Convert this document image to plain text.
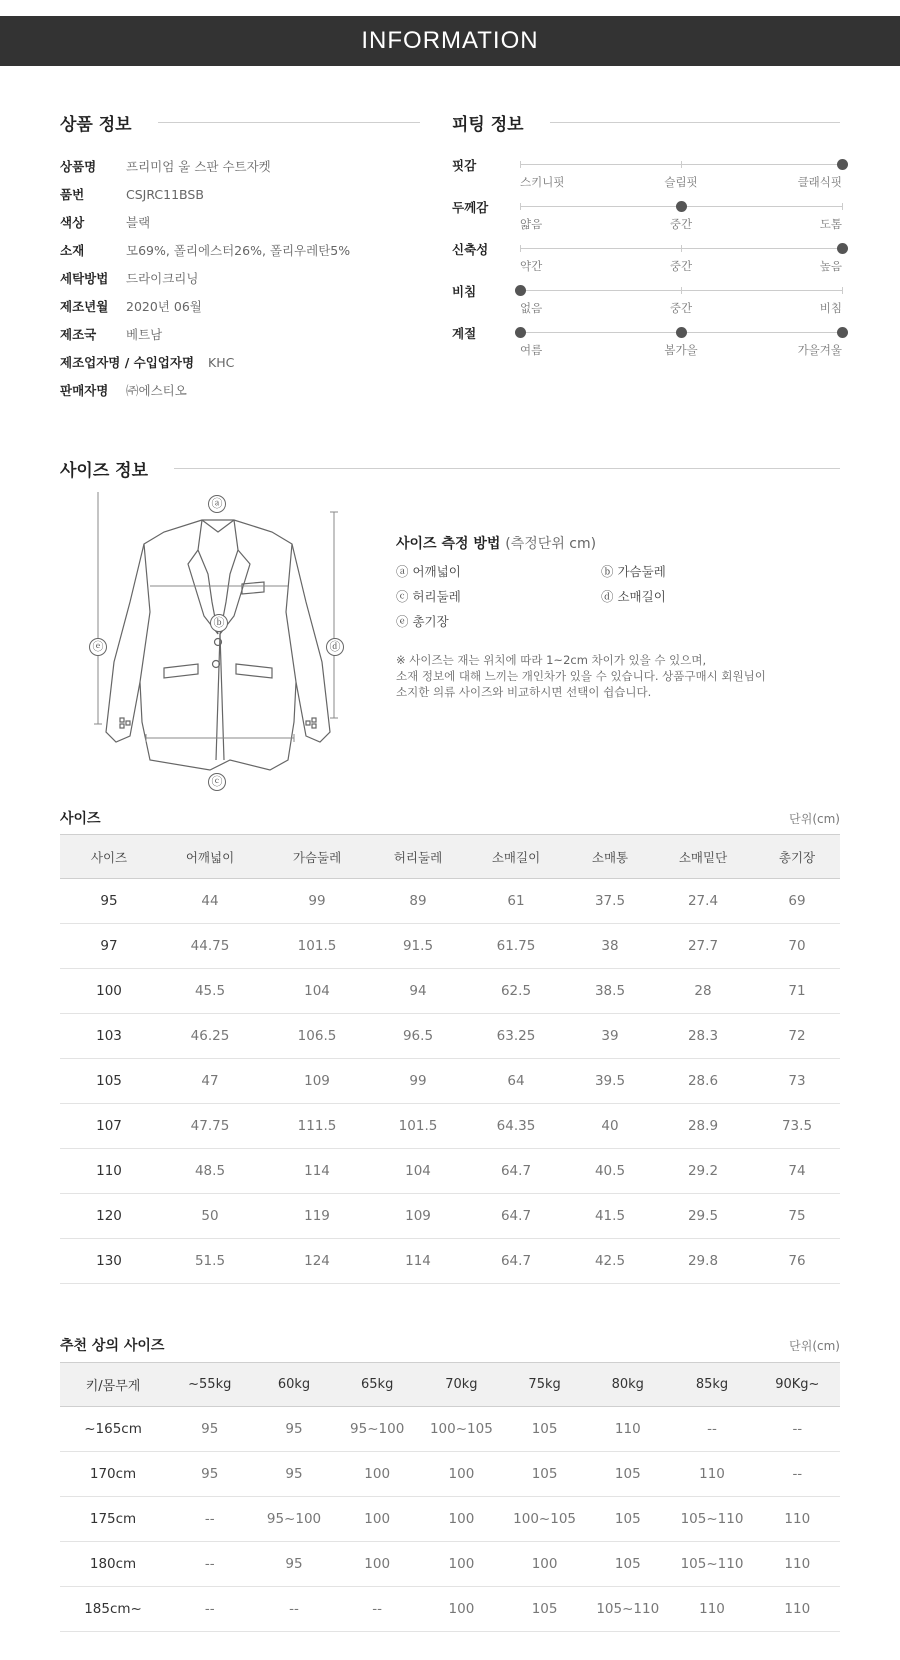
INFORMATION
상품 정보
상품명	프리미엄 울 스판 수트자켓
품번	CSJRC11BSB
색상	블랙
소재	모69%, 폴리에스터26%, 폴리우레탄5%
세탁방법	드라이크리닝
제조년월	2020년 06월
제조국	베트남
제조업자명 / 수입업자명 KHC
판매자명	㈜에스티오
피팅 정보
핏감
스키니핏	슬림핏	클래식핏
두께감
얇음	중간	도톰
신축성
약간	중간	높음
비침
없음	중간	비침
계절
여름	봄가을	가을겨울
사이즈 정보
ⓐ
ⓑ
ⓒ
ⓓ
ⓔ
사이즈 측정 방법 (측정단위 cm)
ⓐ 어깨넓이	ⓑ 가슴둘레
ⓒ 허리둘레	ⓓ 소매길이
ⓔ 총기장
※ 사이즈는 재는 위치에 따라 1~2cm 차이가 있을 수 있으며,
소재 정보에 대해 느끼는 개인차가 있을 수 있습니다. 상품구매시 회원님이
소지한 의류 사이즈와 비교하시면 선택이 쉽습니다.
사이즈	단위(cm)
사이즈	어깨넓이	가슴둘레	허리둘레	소매길이	소매통	소매밑단	총기장
95	44	99	89	61	37.5	27.4	69
97	44.75	101.5	91.5	61.75	38	27.7	70
100	45.5	104	94	62.5	38.5	28	71
103	46.25	106.5	96.5	63.25	39	28.3	72
105	47	109	99	64	39.5	28.6	73
107	47.75	111.5	101.5	64.35	40	28.9	73.5
110	48.5	114	104	64.7	40.5	29.2	74
120	50	119	109	64.7	41.5	29.5	75
130	51.5	124	114	64.7	42.5	29.8	76
추천 상의 사이즈	단위(cm)
키/몸무게	~55kg	60kg	65kg	70kg	75kg	80kg	85kg	90Kg~
~165cm	95	95	95~100	100~105	105	110	--	--
170cm	95	95	100	100	105	105	110	--
175cm	--	95~100	100	100	100~105	105	105~110	110
180cm	--	95	100	100	100	105	105~110	110
185cm~	--	--	--	100	105	105~110	110	110
